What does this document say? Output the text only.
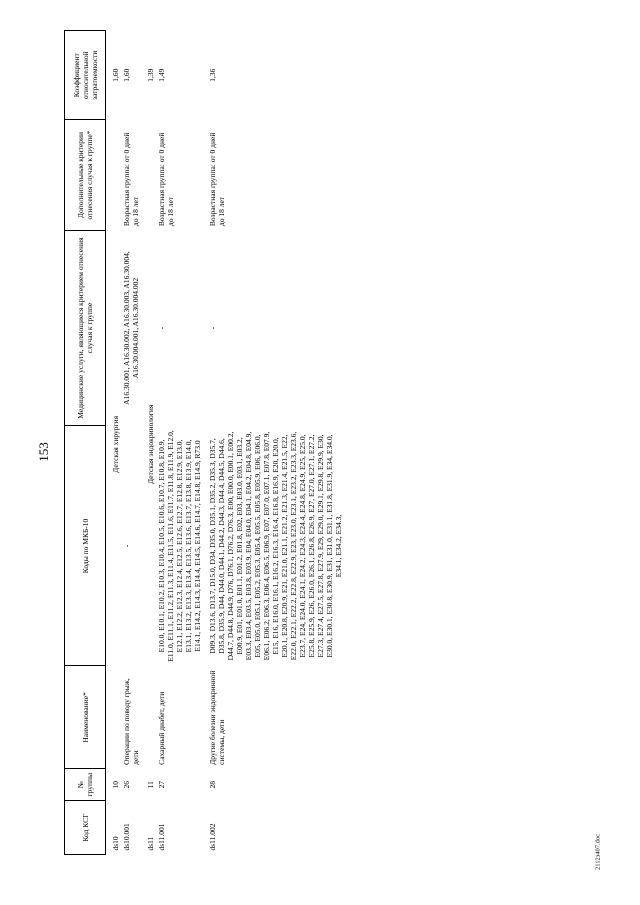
153
2112з407.doc
Код КСГ	№ группы	Наименование*	Коды по МКБ-10	Медицинские услуги, являющиеся критерием отнесения случая к группе	Дополнительные критерии отнесения случая к группе*	Коэффициент относительной затратоемкости

ds10	10	Детская хирургия				1,60
ds10.001	26	Операции по поводу грыж, дети	-	A16.30.001, A16.30.002, A16.30.003, A16.30.004, A16.30.004.001, A16.30.004.002	Возрастная группа: от 0 дней до 18 лет	1,60

ds11	11	Детская эндокринология				1,39
ds11.001	27	Сахарный диабет, дети	E10.0, E10.1, E10.2, E10.3, E10.4, E10.5, E10.6, E10.7, E10.8, E10.9, E11.0, E11.1, E11.2, E11.3, E11.4, E11.5, E11.6, E11.7, E11.8, E11.9, E12.0, E12.1, E12.2, E12.3, E12.4, E12.5, E12.6, E12.7, E12.8, E12.9, E13.0, E13.1, E13.2, E13.3, E13.4, E13.5, E13.6, E13.7, E13.8, E13.9, E14.0, E14.1, E14.2, E14.3, E14.4, E14.5, E14.6, E14.7, E14.8, E14.9, R73.0	-	Возрастная группа: от 0 дней до 18 лет	1,49

ds11.002	28	Другие болезни эндокринной системы, дети	D09.3, D13.6, D13.7, D15.0, D34, D35.0, D35.1, D35.2, D35.3, D35.7, D35.8, D35.9, D44, D44.0, D44.1, D44.2, D44.3, D44.4, D44.5, D44.6, D44.7, D44.8, D44.9, D76, D76.1, D76.2, D76.3, E00, E00.0, E00.1, E00.2, E00.9, E01, E01.0, E01.1, E01.2, E01.8, E02, E03, E03.0, E03.1, E03.2, E03.3, E03.4, E03.5, E03.8, E03.9, E04, E04.0, E04.1, E04.2, E04.8, E04.9, E05, E05.0, E05.1, E05.2, E05.3, E05.4, E05.5, E05.8, E05.9, E06, E06.0, E06.1, E06.2, E06.3, E06.4, E06.5, E06.9, E07, E07.0, E07.1, E07.8, E07.9, E15, E16, E16.0, E16.1, E16.2, E16.3, E16.4, E16.8, E16.9, E20, E20.0, E20.1, E20.8, E20.9, E21, E21.0, E21.1, E21.2, E21.3, E21.4, E21.5, E22, E22.0, E22.1, E22.2, E22.8, E22.9, E23, E23.0, E23.1, E23.2, E23.3, E23.6, E23.7, E24, E24.0, E24.1, E24.2, E24.3, E24.4, E24.8, E24.9, E25, E25.0, E25.8, E25.9, E26, E26.0, E26.1, E26.8, E26.9, E27, E27.0, E27.1, E27.2, E27.3, E27.4, E27.5, E27.8, E27.9, E29, E29.0, E29.1, E29.8, E29.9, E30, E30.0, E30.1, E30.8, E30.9, E31, E31.0, E31.1, E31.8, E31.9, E34, E34.0, E34.1, E34.2, E34.3,	-	Возрастная группа: от 0 дней до 18 лет	1,36
